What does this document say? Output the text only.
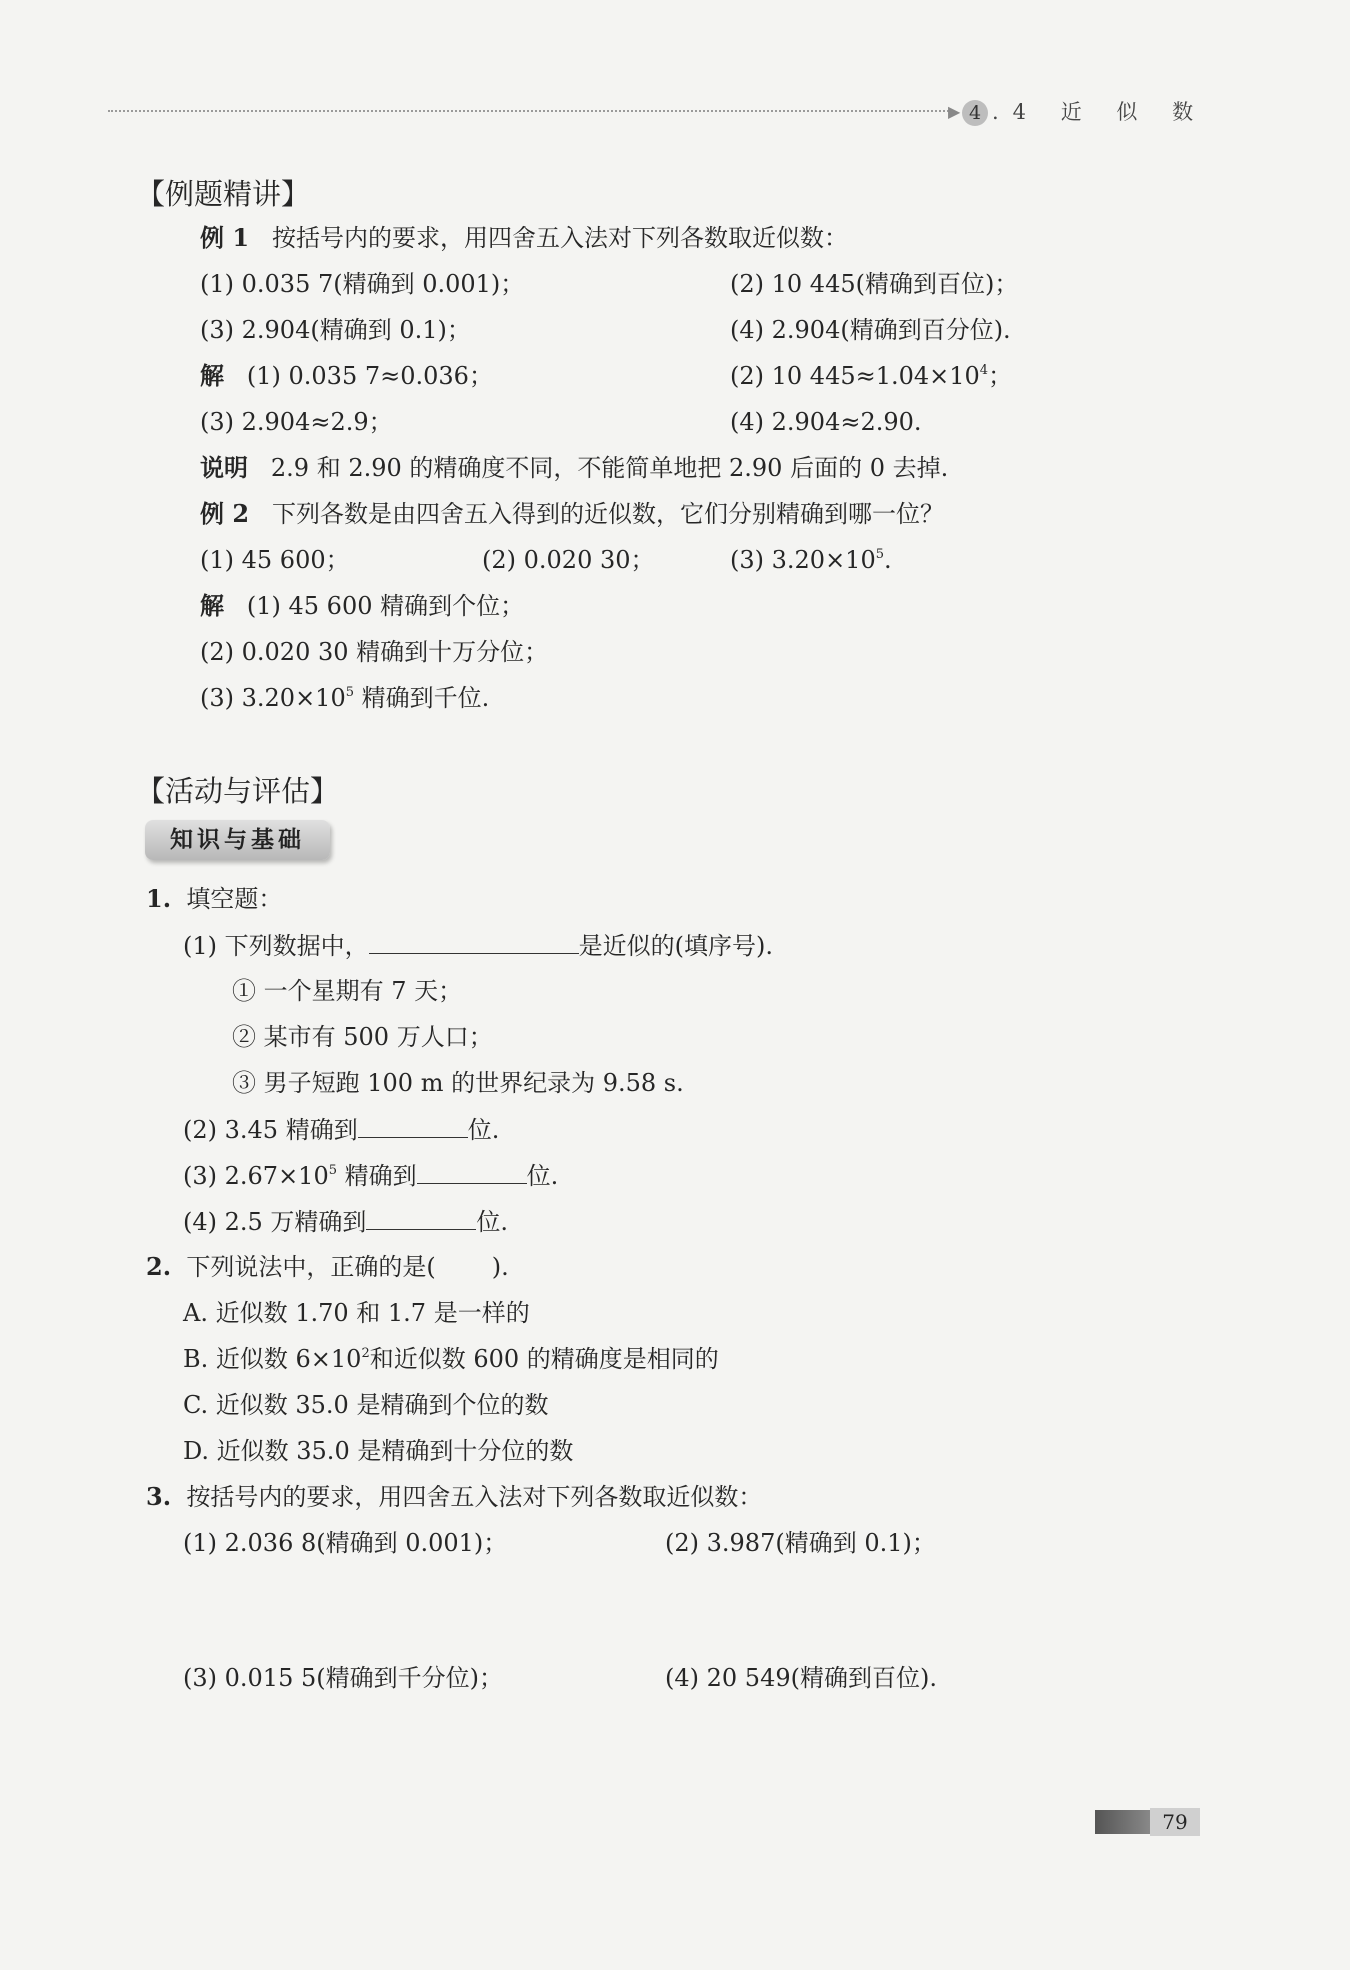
▶ 4 .4 近 似 数
【例题精讲】
例 1 按括号内的要求，用四舍五入法对下列各数取近似数：
(1) 0.035 7(精确到 0.001)；	(2) 10 445(精确到百位)；
(3) 2.904(精确到 0.1)；	(4) 2.904(精确到百分位).
解 (1) 0.035 7≈0.036；	(2) 10 $445\approx 1.04\times 10^4$；
(3) 2.904≈2.9；	(4) 2.904≈2.90.
说明 2.9 和 2.90 的精确度不同，不能简单地把 2.90 后面的 0 去掉.
例 2 下列各数是由四舍五入得到的近似数，它们分别精确到哪一位？
(1) 45 600；	(2) 0.020 30；	(3) $3.20\times 10^5$.
解 (1) 45 600 精确到个位；
(2) 0.020 30 精确到十万分位；
(3) $3.20\times 10^5$ 精确到千位.
【活动与评估】
知识与基础
1. 填空题：
(1) 下列数据中，	是近似的(填序号).
① 一个星期有 7 天；
② 某市有 500 万人口；
③ 男子短跑 100 m 的世界纪录为 9.58 s.
(2) 3.45 精确到	位.
(3) $2.67\times 10^5$ 精确到	位.
(4) 2.5 万精确到	位.
2. 下列说法中，正确的是( ).
A. 近似数 1.70 和 1.7 是一样的
B. 近似数 $6\times 10^2$和近似数 600 的精确度是相同的
C. 近似数 35.0 是精确到个位的数
D. 近似数 35.0 是精确到十分位的数
3. 按括号内的要求，用四舍五入法对下列各数取近似数：
(1) 2.036 8(精确到 0.001)；	(2) 3.987(精确到 0.1)；
(3) 0.015 5(精确到千分位)；	(4) 20 549(精确到百位).
79
